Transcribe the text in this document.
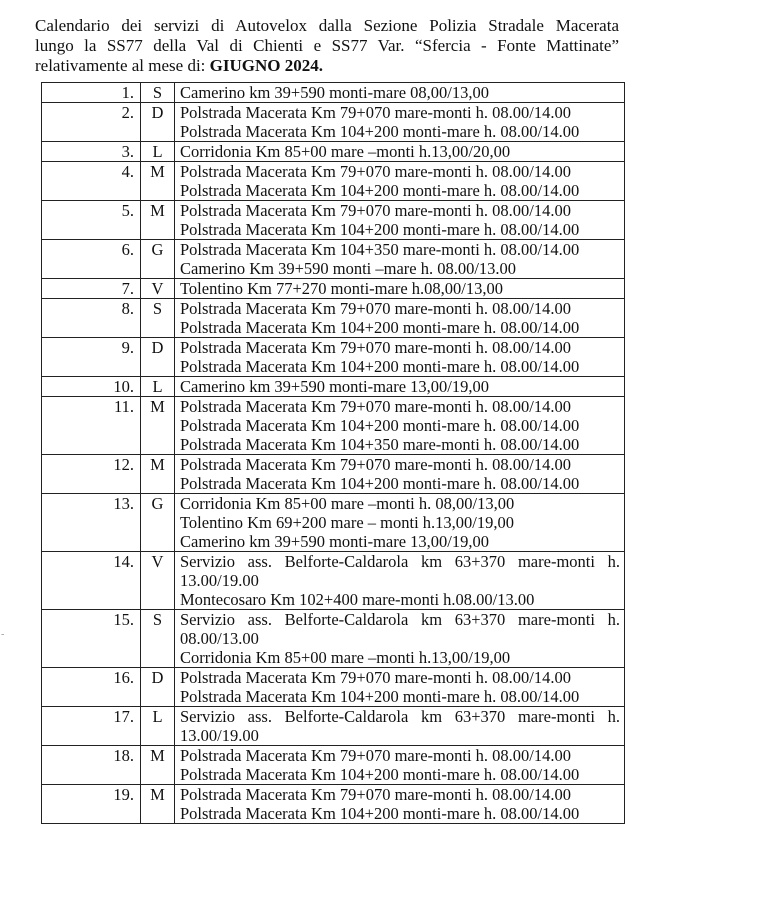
Calendario dei servizi di Autovelox dalla Sezione Polizia Stradale Macerata
lungo la SS77 della Val di Chienti e SS77 Var. “Sfercia - Fonte Mattinate”
relativamente al mese di: GIUGNO 2024.
1.	S	Camerino km 39+590 monti-mare 08,00/13,00

2.	D	Polstrada Macerata Km 79+070 mare-monti h. 08.00/14.00
Polstrada Macerata Km 104+200 monti-mare h. 08.00/14.00

3.	L	Corridonia Km 85+00 mare –monti h.13,00/20,00

4.	M	Polstrada Macerata Km 79+070 mare-monti h. 08.00/14.00
Polstrada Macerata Km 104+200 monti-mare h. 08.00/14.00

5.	M	Polstrada Macerata Km 79+070 mare-monti h. 08.00/14.00
Polstrada Macerata Km 104+200 monti-mare h. 08.00/14.00

6.	G	Polstrada Macerata Km 104+350 mare-monti h. 08.00/14.00
Camerino Km 39+590 monti –mare h. 08.00/13.00

7.	V	Tolentino Km 77+270 monti-mare h.08,00/13,00

8.	S	Polstrada Macerata Km 79+070 mare-monti h. 08.00/14.00
Polstrada Macerata Km 104+200 monti-mare h. 08.00/14.00

9.	D	Polstrada Macerata Km 79+070 mare-monti h. 08.00/14.00
Polstrada Macerata Km 104+200 monti-mare h. 08.00/14.00

10.	L	Camerino km 39+590 monti-mare 13,00/19,00

11.	M	Polstrada Macerata Km 79+070 mare-monti h. 08.00/14.00
Polstrada Macerata Km 104+200 monti-mare h. 08.00/14.00
Polstrada Macerata Km 104+350 mare-monti h. 08.00/14.00

12.	M	Polstrada Macerata Km 79+070 mare-monti h. 08.00/14.00
Polstrada Macerata Km 104+200 monti-mare h. 08.00/14.00

13.	G	Corridonia Km 85+00 mare –monti h. 08,00/13,00
Tolentino Km 69+200 mare – monti h.13,00/19,00
Camerino km 39+590 monti-mare 13,00/19,00

14.	V	Servizio ass. Belforte-Caldarola km 63+370 mare-monti h.
13.00/19.00
Montecosaro Km 102+400 mare-monti h.08.00/13.00

15.	S	Servizio ass. Belforte-Caldarola km 63+370 mare-monti h.
08.00/13.00
Corridonia Km 85+00 mare –monti h.13,00/19,00

16.	D	Polstrada Macerata Km 79+070 mare-monti h. 08.00/14.00
Polstrada Macerata Km 104+200 monti-mare h. 08.00/14.00

17.	L	Servizio ass. Belforte-Caldarola km 63+370 mare-monti h.
13.00/19.00

18.	M	Polstrada Macerata Km 79+070 mare-monti h. 08.00/14.00
Polstrada Macerata Km 104+200 monti-mare h. 08.00/14.00

19.	M	Polstrada Macerata Km 79+070 mare-monti h. 08.00/14.00
Polstrada Macerata Km 104+200 monti-mare h. 08.00/14.00
-
